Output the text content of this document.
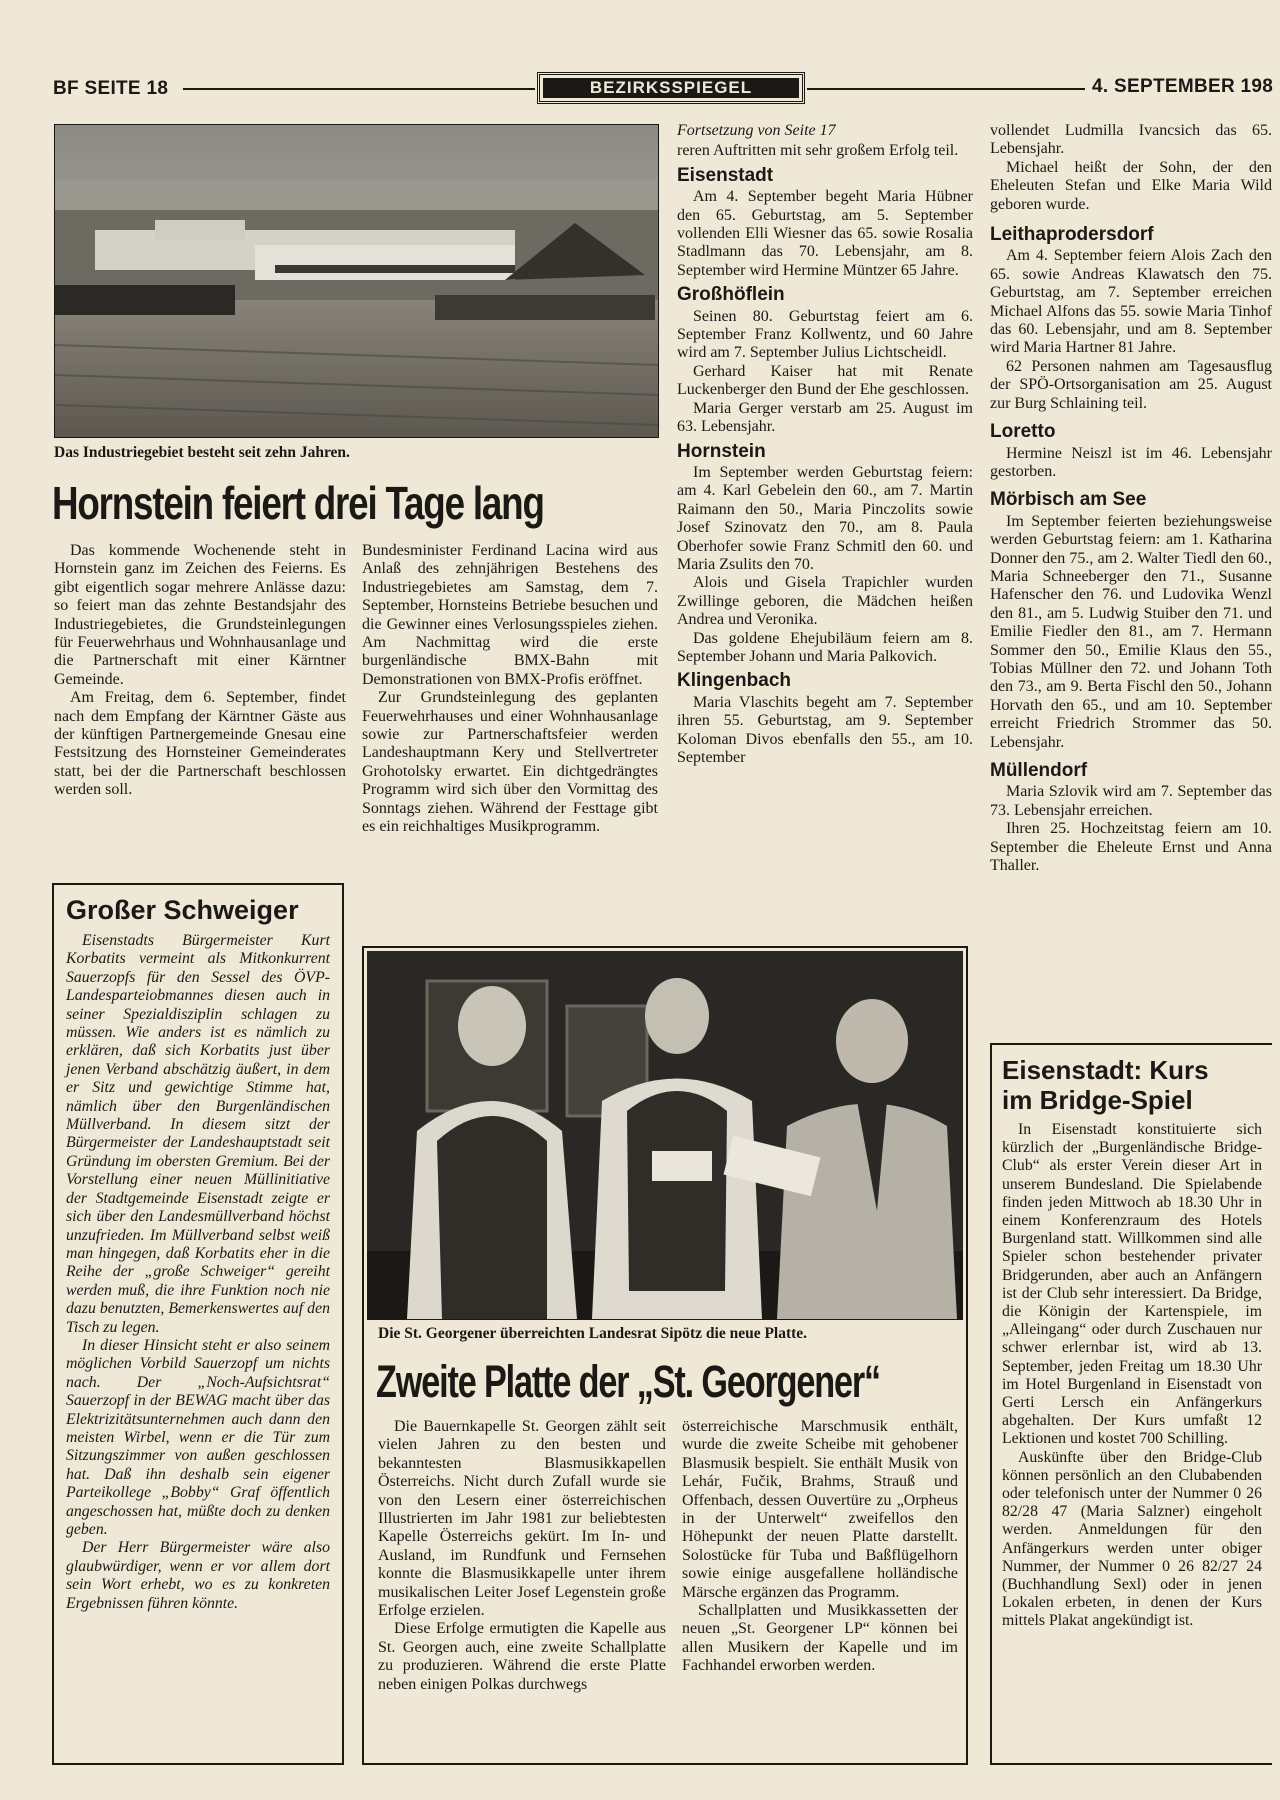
BF SEITE 18	BEZIRKSSPIEGEL	4. SEPTEMBER 198
Das Industriegebiet besteht seit zehn Jahren.
Hornstein feiert drei Tage lang

Das kommende Wochenende steht in Hornstein ganz im Zeichen des Feierns. Es gibt eigentlich sogar mehrere Anlässe dazu: so feiert man das zehnte Bestandsjahr des Industriegebietes, die Grundsteinlegungen für Feuerwehrhaus und Wohnhausanlage und die Partnerschaft mit einer Kärntner Gemeinde.

Am Freitag, dem 6. September, findet nach dem Empfang der Kärntner Gäste aus der künftigen Partnergemeinde Gnesau eine Festsitzung des Hornsteiner Gemeinderates statt, bei der die Partnerschaft beschlossen werden soll.

Bundesminister Ferdinand Lacina wird aus Anlaß des zehnjährigen Bestehens des Industriegebietes am Samstag, dem 7. September, Hornsteins Betriebe besuchen und die Gewinner eines Verlosungsspieles ziehen. Am Nachmittag wird die erste burgenländische BMX-Bahn mit Demonstrationen von BMX-Profis eröffnet.

Zur Grundsteinlegung des geplanten Feuerwehrhauses und einer Wohnhausanlage sowie zur Partnerschaftsfeier werden Landeshauptmann Kery und Stellvertreter Grohotolsky erwartet. Ein dichtgedrängtes Programm wird sich über den Vormittag des Sonntags ziehen. Während der Festtage gibt es ein reichhaltiges Musikprogramm.

Großer Schweiger

Eisenstadts Bürgermeister Kurt Korbatits vermeint als Mitkonkurrent Sauerzopfs für den Sessel des ÖVP-Landesparteiobmannes diesen auch in seiner Spezialdisziplin schlagen zu müssen. Wie anders ist es nämlich zu erklären, daß sich Korbatits just über jenen Verband abschätzig äußert, in dem er Sitz und gewichtige Stimme hat, nämlich über den Burgenländischen Müllverband. In diesem sitzt der Bürgermeister der Landeshauptstadt seit Gründung im obersten Gremium. Bei der Vorstellung einer neuen Müllinitiative der Stadtgemeinde Eisenstadt zeigte er sich über den Landesmüllverband höchst unzufrieden. Im Müllverband selbst weiß man hingegen, daß Korbatits eher in die Reihe der „große Schweiger“ gereiht werden muß, die ihre Funktion noch nie dazu benutzten, Bemerkenswertes auf den Tisch zu legen.

In dieser Hinsicht steht er also seinem möglichen Vorbild Sauerzopf um nichts nach. Der „Noch-Aufsichtsrat“ Sauerzopf in der BEWAG macht über das Elektrizitätsunternehmen auch dann den meisten Wirbel, wenn er die Tür zum Sitzungszimmer von außen geschlossen hat. Daß ihn deshalb sein eigener Parteikollege „Bobby“ Graf öffentlich angeschossen hat, müßte doch zu denken geben.

Der Herr Bürgermeister wäre also glaubwürdiger, wenn er vor allem dort sein Wort erhebt, wo es zu konkreten Ergebnissen führen könnte.

Fortsetzung von Seite 17

reren Auftritten mit sehr großem Erfolg teil.

Eisenstadt

Am 4. September begeht Maria Hübner den 65. Geburtstag, am 5. September vollenden Elli Wiesner das 65. sowie Rosalia Stadlmann das 70. Lebensjahr, am 8. September wird Hermine Müntzer 65 Jahre.

Großhöflein

Seinen 80. Geburtstag feiert am 6. September Franz Kollwentz, und 60 Jahre wird am 7. September Julius Lichtscheidl.

Gerhard Kaiser hat mit Renate Luckenberger den Bund der Ehe geschlossen.

Maria Gerger verstarb am 25. August im 63. Lebensjahr.

Hornstein

Im September werden Geburtstag feiern: am 4. Karl Gebelein den 60., am 7. Martin Raimann den 50., Maria Pinczolits sowie Josef Szinovatz den 70., am 8. Paula Oberhofer sowie Franz Schmitl den 60. und Maria Zsulits den 70.

Alois und Gisela Trapichler wurden Zwillinge geboren, die Mädchen heißen Andrea und Veronika.

Das goldene Ehejubiläum feiern am 8. September Johann und Maria Palkovich.

Klingenbach

Maria Vlaschits begeht am 7. September ihren 55. Geburtstag, am 9. September Koloman Divos ebenfalls den 55., am 10. September

vollendet Ludmilla Ivancsich das 65. Lebensjahr.

Michael heißt der Sohn, der den Eheleuten Stefan und Elke Maria Wild geboren wurde.

Leithaprodersdorf

Am 4. September feiern Alois Zach den 65. sowie Andreas Klawatsch den 75. Geburtstag, am 7. September erreichen Michael Alfons das 55. sowie Maria Tinhof das 60. Lebensjahr, und am 8. September wird Maria Hartner 81 Jahre.

62 Personen nahmen am Tagesausflug der SPÖ-Ortsorganisation am 25. August zur Burg Schlaining teil.

Loretto

Hermine Neiszl ist im 46. Lebensjahr gestorben.

Mörbisch am See

Im September feierten beziehungsweise werden Geburtstag feiern: am 1. Katharina Donner den 75., am 2. Walter Tiedl den 60., Maria Schneeberger den 71., Susanne Hafenscher den 76. und Ludovika Wenzl den 81., am 5. Ludwig Stuiber den 71. und Emilie Fiedler den 81., am 7. Hermann Sommer den 50., Emilie Klaus den 55., Tobias Müllner den 72. und Johann Toth den 73., am 9. Berta Fischl den 50., Johann Horvath den 65., und am 10. September erreicht Friedrich Strommer das 50. Lebensjahr.

Müllendorf

Maria Szlovik wird am 7. September das 73. Lebensjahr erreichen.

Ihren 25. Hochzeitstag feiern am 10. September die Eheleute Ernst und Anna Thaller.

Eisenstadt: Kurs
im Bridge-Spiel

In Eisenstadt konstituierte sich kürzlich der „Burgenländische Bridge-Club“ als erster Verein dieser Art in unserem Bundesland. Die Spielabende finden jeden Mittwoch ab 18.30 Uhr in einem Konferenzraum des Hotels Burgenland statt. Willkommen sind alle Spieler schon bestehender privater Bridgerunden, aber auch an Anfängern ist der Club sehr interessiert. Da Bridge, die Königin der Kartenspiele, im „Alleingang“ oder durch Zuschauen nur schwer erlernbar ist, wird ab 13. September, jeden Freitag um 18.30 Uhr im Hotel Burgenland in Eisenstadt von Gerti Lersch ein Anfängerkurs abgehalten. Der Kurs umfaßt 12 Lektionen und kostet 700 Schilling.

Auskünfte über den Bridge-Club können persönlich an den Clubabenden oder telefonisch unter der Nummer 0 26 82/28 47 (Maria Salzner) eingeholt werden. Anmeldungen für den Anfängerkurs werden unter obiger Nummer, der Nummer 0 26 82/27 24 (Buchhandlung Sexl) oder in jenen Lokalen erbeten, in denen der Kurs mittels Plakat angekündigt ist.

Die St. Georgener überreichten Landesrat Sipötz die neue Platte.
Zweite Platte der „St. Georgener“

Die Bauernkapelle St. Georgen zählt seit vielen Jahren zu den besten und bekanntesten Blasmusikkapellen Österreichs. Nicht durch Zufall wurde sie von den Lesern einer österreichischen Illustrierten im Jahr 1981 zur beliebtesten Kapelle Österreichs gekürt. Im In- und Ausland, im Rundfunk und Fernsehen konnte die Blasmusikkapelle unter ihrem musikalischen Leiter Josef Legenstein große Erfolge erzielen.

Diese Erfolge ermutigten die Kapelle aus St. Georgen auch, eine zweite Schallplatte zu produzieren. Während die erste Platte neben einigen Polkas durchwegs

österreichische Marschmusik enthält, wurde die zweite Scheibe mit gehobener Blasmusik bespielt. Sie enthält Musik von Lehár, Fučik, Brahms, Strauß und Offenbach, dessen Ouvertüre zu „Orpheus in der Unterwelt“ zweifellos den Höhepunkt der neuen Platte darstellt. Solostücke für Tuba und Baßflügelhorn sowie einige ausgefallene holländische Märsche ergänzen das Programm.

Schallplatten und Musikkassetten der neuen „St. Georgener LP“ können bei allen Musikern der Kapelle und im Fachhandel erworben werden.
